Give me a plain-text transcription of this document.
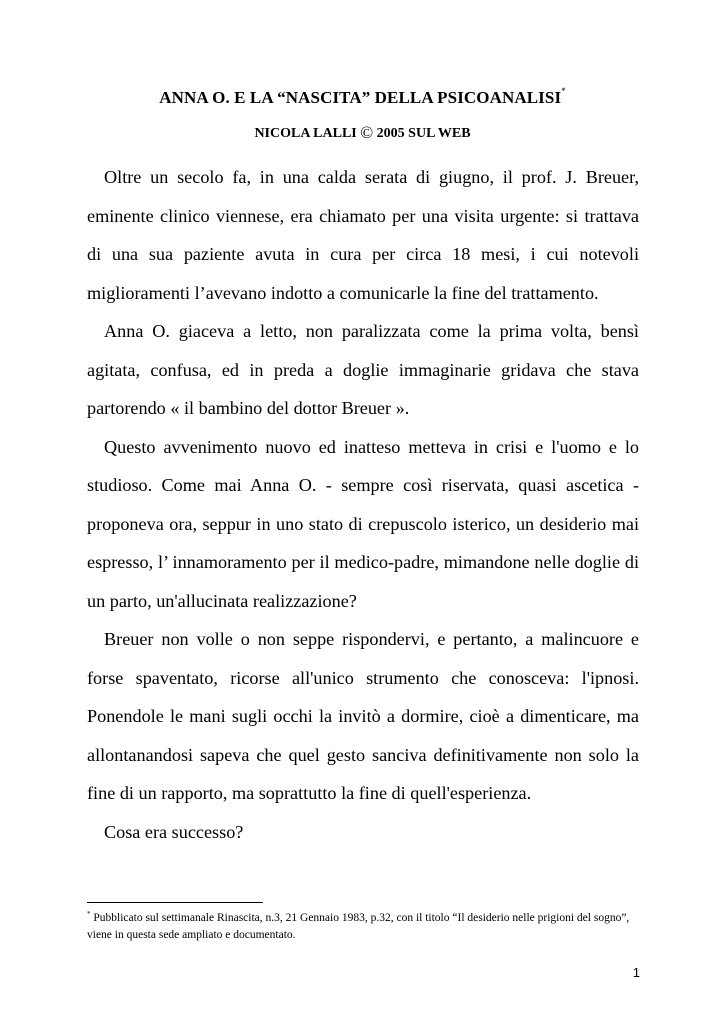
ANNA O. E LA “NASCITA” DELLA PSICOANALISI*
NICOLA LALLI © 2005 SUL WEB

Oltre un secolo fa, in una calda serata di giugno, il prof. J. Breuer, eminente clinico viennese, era chiamato per una visita urgente: si trattava di una sua paziente avuta in cura per circa 18 mesi, i cui notevoli miglioramenti l’avevano indotto a comunicarle la fine del trattamento.

Anna O. giaceva a letto, non paralizzata come la prima volta, bensì agitata, confusa, ed in preda a doglie immaginarie gridava che stava partorendo « il bambino del dottor Breuer ».

Questo avvenimento nuovo ed inatteso metteva in crisi e l'uomo e lo studioso. Come mai Anna O. - sempre così riservata, quasi ascetica - proponeva ora, seppur in uno stato di crepuscolo isterico, un desiderio mai espresso, l’ innamoramento per il medico-padre, mimandone nelle doglie di un parto, un'allucinata realizzazione?

Breuer non volle o non seppe rispondervi, e pertanto, a malincuore e forse spaventato, ricorse all'unico strumento che conosceva: l'ipnosi. Ponendole le mani sugli occhi la invitò a dormire, cioè a dimenticare, ma allontanandosi sapeva che quel gesto sanciva definitivamente non solo la fine di un rapporto, ma soprattutto la fine di quell'esperienza.

Cosa era successo?

* Pubblicato sul settimanale Rinascita, n.3, 21 Gennaio 1983, p.32, con il titolo “Il desiderio nelle prigioni del sogno”, viene in questa sede ampliato e documentato.
1
